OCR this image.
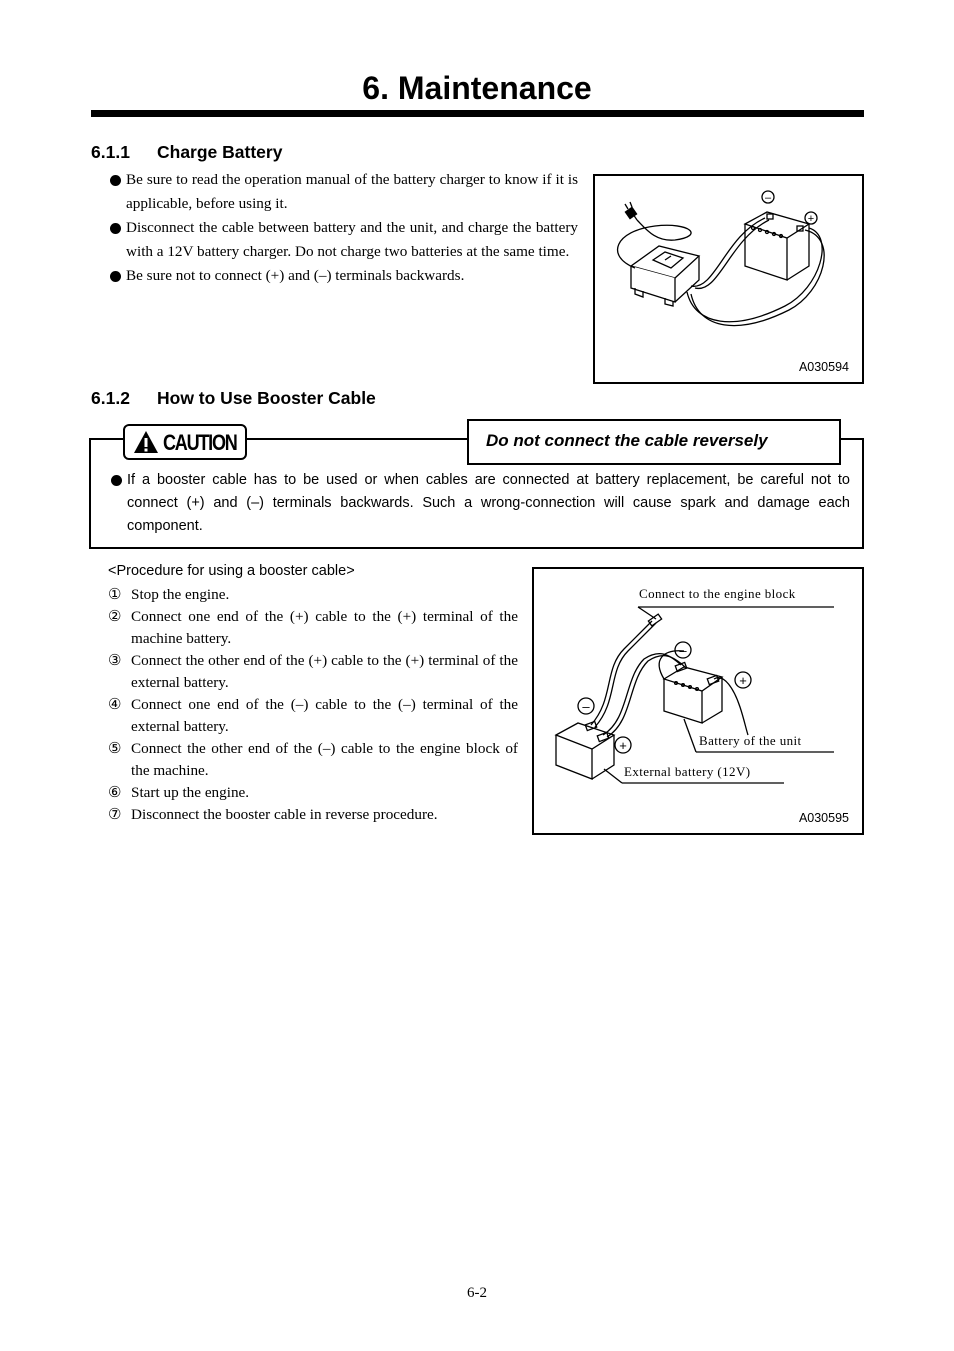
6. Maintenance
6.1.1 Charge Battery
Be sure to read the operation manual of the battery charger to know if it is applicable, before using it.
Disconnect the cable between battery and the unit, and charge the battery with a 12V battery charger. Do not charge two batteries at the same time.
Be sure not to connect (+) and (–) terminals backwards.
–
+
A030594
6.1.2 How to Use Booster Cable
CAUTION	Do not connect the cable reversely
If a booster cable has to be used or when cables are connected at battery replacement, be careful not to connect (+) and (–) terminals backwards. Such a wrong-connection will cause spark and damage each component.
<Procedure for using a booster cable>
① Stop the engine.
② Connect one end of the (+) cable to the (+) terminal of the machine battery.
③ Connect the other end of the (+) cable to the (+) terminal of the external battery.
④ Connect one end of the (–) cable to the (–) terminal of the external battery.
⑤ Connect the other end of the (–) cable to the engine block of the machine.
⑥ Start up the engine.
⑦ Disconnect the booster cable in reverse procedure.
–
+
–
+
Connect to the engine block
Battery of the unit
External battery (12V)
A030595
6-2
